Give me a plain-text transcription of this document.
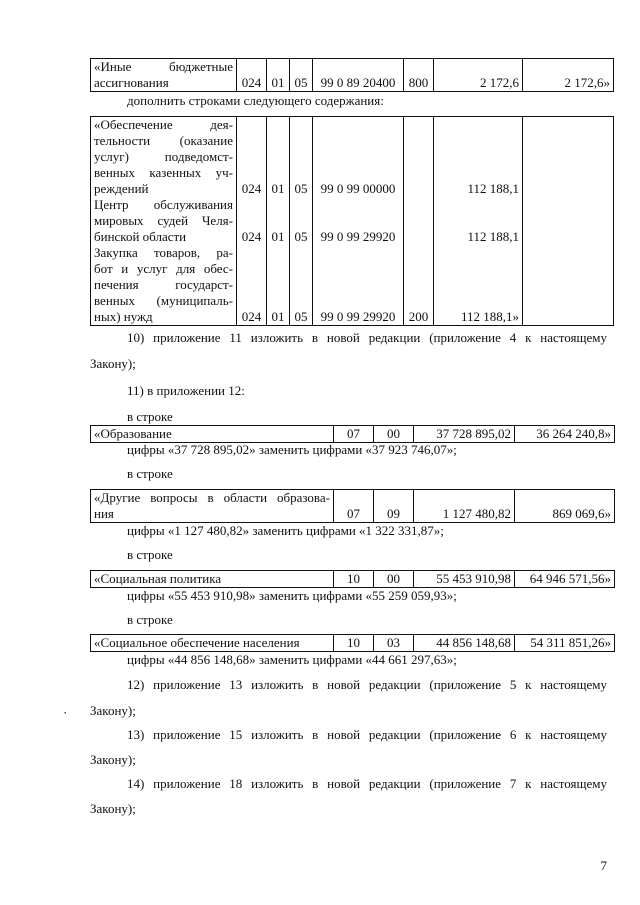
«Иные бюджетные
ассигнования	024	01	05	99 0 89 20400	800	2 172,6	2 172,6»
дополнить строками следующего содержания:
«Обеспечение дея-
тельности (оказание
услуг) подведомст-
венных казенных уч-
реждений	024	01	05	99 0 99 00000		112 188,1	

Центр обслуживания
мировых судей Челя-
бинской области	024	01	05	99 0 99 29920		112 188,1	

Закупка товаров, ра-
бот и услуг для обес-
печения государст-
венных (муниципаль-
ных) нужд	024	01	05	99 0 99 29920	200	112 188,1»	
10) приложение 11 изложить в новой редакции (приложение 4 к настоящему
Закону);
11) в приложении 12:
в строке
«Образование	07	00	37 728 895,02	36 264 240,8»
цифры «37 728 895,02» заменить цифрами «37 923 746,07»;
в строке
«Другие вопросы в области образова-
ния	07	09	1 127 480,82	869 069,6»
цифры «1 127 480,82» заменить цифрами «1 322 331,87»;
в строке
«Социальная политика	10	00	55 453 910,98	64 946 571,56»
цифры «55 453 910,98» заменить цифрами «55 259 059,93»;
в строке
«Социальное обеспечение населения	10	03	44 856 148,68	54 311 851,26»
цифры «44 856 148,68» заменить цифрами «44 661 297,63»;
12) приложение 13 изложить в новой редакции (приложение 5 к настоящему
· Закону);
13) приложение 15 изложить в новой редакции (приложение 6 к настоящему
Закону);
14) приложение 18 изложить в новой редакции (приложение 7 к настоящему
Закону);
7
